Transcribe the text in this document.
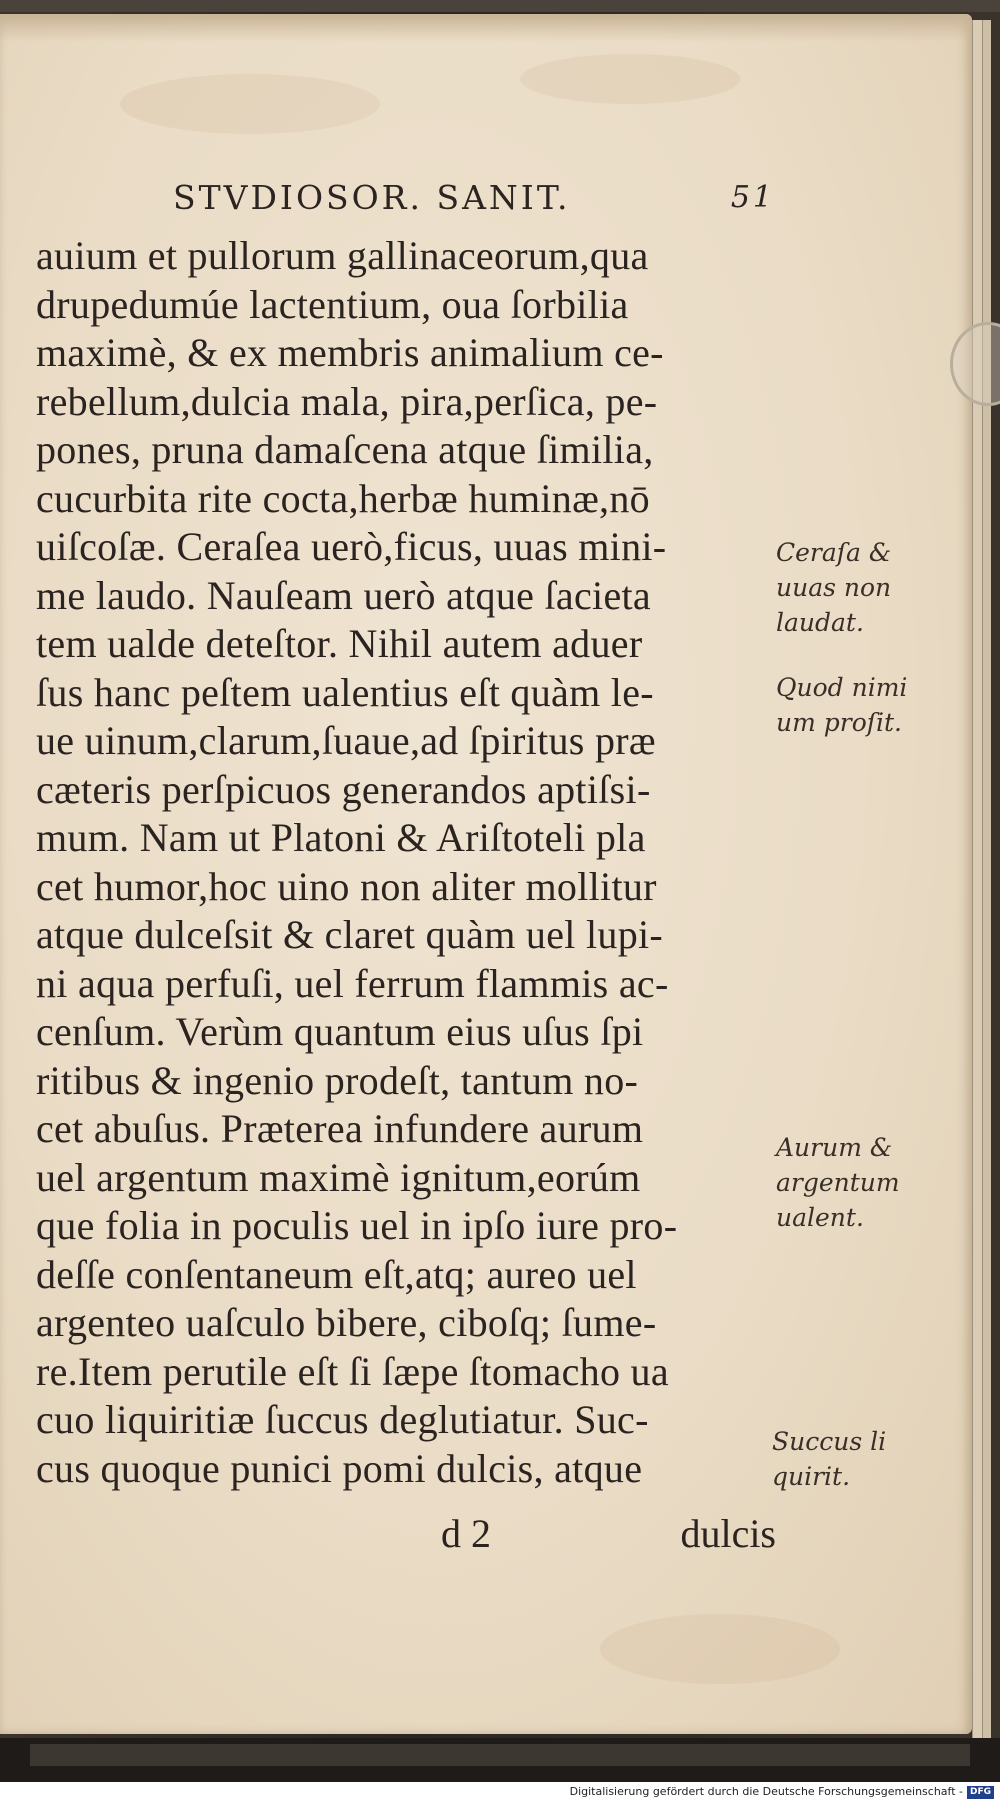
STVDIOSOR. SANIT.	51
auium et pullorum gallinaceorum,qua
drupedumúe lactentium, oua ſorbilia
maximè, & ex membris animalium ce-
rebellum,dulcia mala, pira,perſica, pe-
pones, pruna damaſcena atque ſimilia,
cucurbita rite cocta,herbæ huminæ,nō
uiſcoſæ. Ceraſea uerò,ficus, uuas mini-
me laudo. Nauſeam uerò atque ſacieta
tem ualde deteſtor. Nihil autem aduer
ſus hanc peſtem ualentius eſt quàm le-
ue uinum,clarum,ſuaue,ad ſpiritus præ
cæteris perſpicuos generandos aptiſsi-
mum. Nam ut Platoni & Ariſtoteli pla
cet humor,hoc uino non aliter mollitur
atque dulceſsit & claret quàm uel lupi-
ni aqua perfuſi, uel ferrum flammis ac-
cenſum. Verùm quantum eius uſus ſpi
ritibus & ingenio prodeſt, tantum no-
cet abuſus. Præterea infundere aurum
uel argentum maximè ignitum,eorúm
que folia in poculis uel in ipſo iure pro-
deſſe conſentaneum eſt,atq; aureo uel
argenteo uaſculo bibere, ciboſq; ſume-
re.Item perutile eſt ſi ſæpe ſtomacho ua
cuo liquiritiæ ſuccus deglutiatur. Suc-
cus quoque punici pomi dulcis, atque
d 2	dulcis
Ceraſa &
uuas non
laudat.
Quod nimi
um proſit.
Aurum &
argentum
ualent.
Succus li
quirit.
Digitalisierung gefördert durch die Deutsche Forschungsgemeinschaft - DFG
